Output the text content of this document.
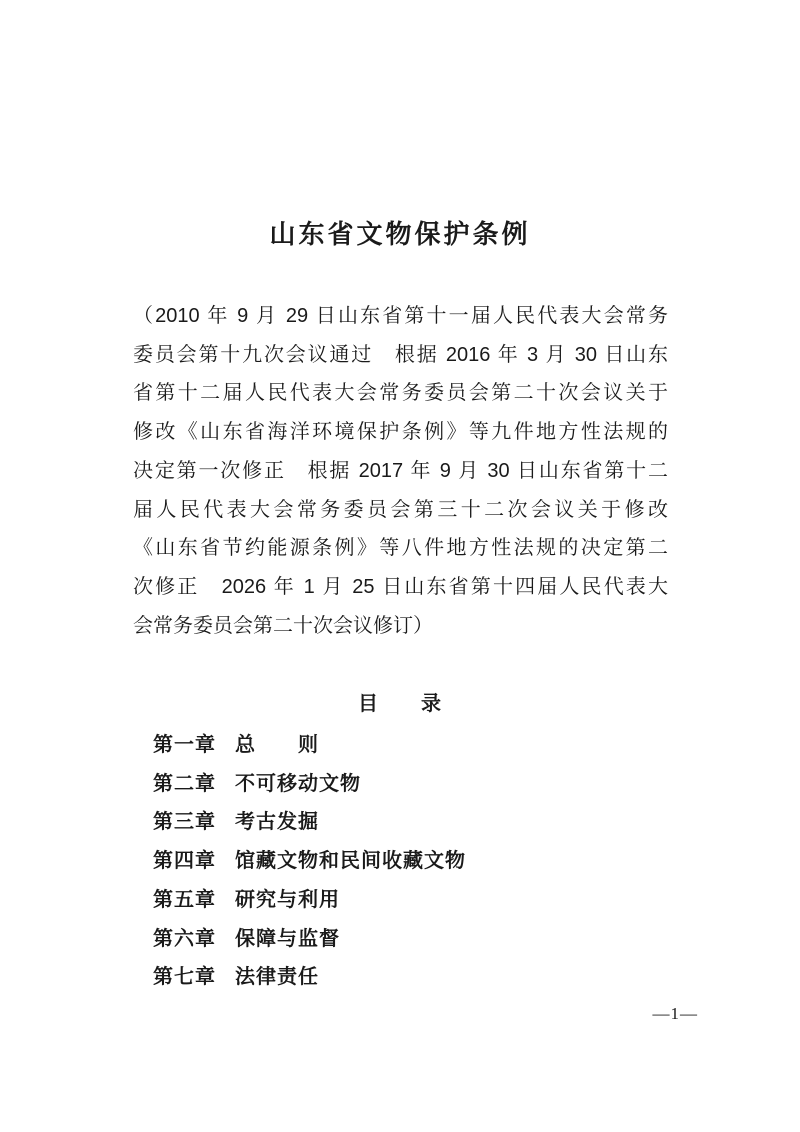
山东省文物保护条例
（2010 年 9 月 29 日山东省第十一届人民代表大会常务
委员会第十九次会议通过　根据 2016 年 3 月 30 日山东
省第十二届人民代表大会常务委员会第二十次会议关于
修改《山东省海洋环境保护条例》等九件地方性法规的
决定第一次修正　根据 2017 年 9 月 30 日山东省第十二
届人民代表大会常务委员会第三十二次会议关于修改
《山东省节约能源条例》等八件地方性法规的决定第二
次修正　2026 年 1 月 25 日山东省第十四届人民代表大
会常务委员会第二十次会议修订）
目　　录
第一章 总　　则
第二章 不可移动文物
第三章 考古发掘
第四章 馆藏文物和民间收藏文物
第五章 研究与利用
第六章 保障与监督
第七章 法律责任
—1—
